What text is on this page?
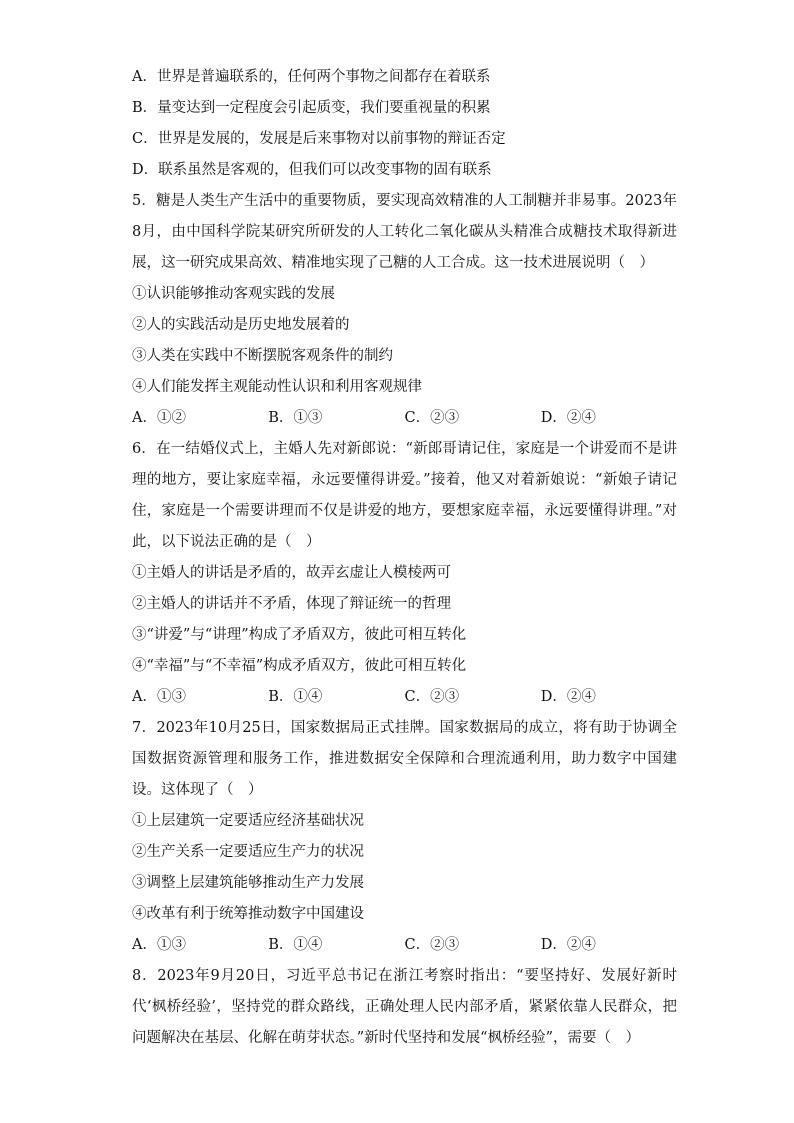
A．世界是普遍联系的，任何两个事物之间都存在着联系
B．量变达到一定程度会引起质变，我们要重视量的积累
C．世界是发展的，发展是后来事物对以前事物的辩证否定
D．联系虽然是客观的，但我们可以改变事物的固有联系
5．糖是人类生产生活中的重要物质，要实现高效精准的人工制糖并非易事。2023年8月，由中国科学院某研究所研发的人工转化二氧化碳从头精准合成糖技术取得新进展，这一研究成果高效、精准地实现了己糖的人工合成。这一技术进展说明（　）
①认识能够推动客观实践的发展
②人的实践活动是历史地发展着的
③人类在实践中不断摆脱客观条件的制约
④人们能发挥主观能动性认识和利用客观规律
A．①②	B．①③	C．②③	D．②④
6．在一结婚仪式上，主婚人先对新郎说：“新郎哥请记住，家庭是一个讲爱而不是讲理的地方，要让家庭幸福，永远要懂得讲爱。”接着，他又对着新娘说：“新娘子请记住，家庭是一个需要讲理而不仅是讲爱的地方，要想家庭幸福，永远要懂得讲理。”对此，以下说法正确的是（　）
①主婚人的讲话是矛盾的，故弄玄虚让人模棱两可
②主婚人的讲话并不矛盾，体现了辩证统一的哲理
③“讲爱”与“讲理”构成了矛盾双方，彼此可相互转化
④“幸福”与“不幸福”构成矛盾双方，彼此可相互转化
A．①③	B．①④	C．②③	D．②④
7．2023年10月25日，国家数据局正式挂牌。国家数据局的成立，将有助于协调全国数据资源管理和服务工作，推进数据安全保障和合理流通利用，助力数字中国建设。这体现了（　）
①上层建筑一定要适应经济基础状况
②生产关系一定要适应生产力的状况
③调整上层建筑能够推动生产力发展
④改革有利于统筹推动数字中国建设
A．①③	B．①④	C．②③	D．②④
8．2023年9月20日，习近平总书记在浙江考察时指出：“要坚持好、发展好新时代‘枫桥经验’，坚持党的群众路线，正确处理人民内部矛盾，紧紧依靠人民群众，把问题解决在基层、化解在萌芽状态。”新时代坚持和发展“枫桥经验”，需要（　）
